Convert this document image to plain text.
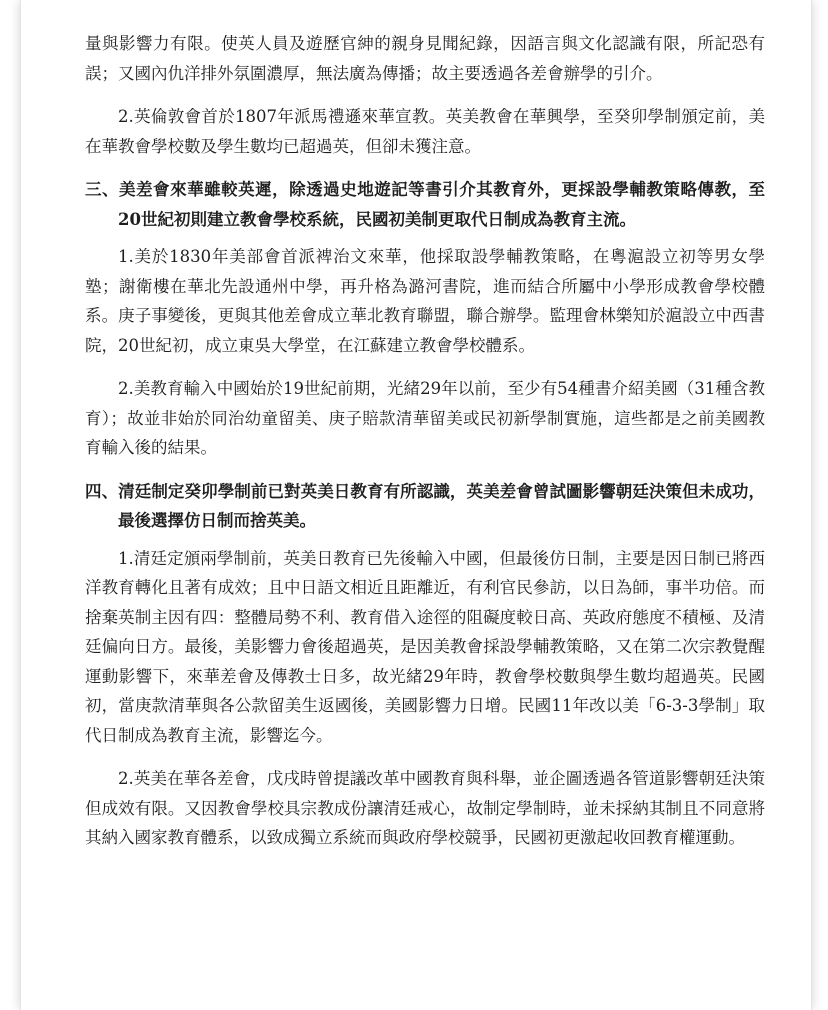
量與影響力有限。使英人員及遊歷官紳的親身見聞紀錄，因語言與文化認識有限，所記恐有誤；又國內仇洋排外氛圍濃厚，無法廣為傳播；故主要透過各差會辦學的引介。

2.英倫敦會首於1807年派馬禮遜來華宣教。英美教會在華興學，至癸卯學制頒定前，美在華教會學校數及學生數均已超過英，但卻未獲注意。

三、美差會來華雖較英遲，除透過史地遊記等書引介其教育外，更採設學輔教策略傳教，至20世紀初則建立教會學校系統，民國初美制更取代日制成為教育主流。

1.美於1830年美部會首派裨治文來華，他採取設學輔教策略，在粵滬設立初等男女學塾；謝衛樓在華北先設通州中學，再升格為潞河書院，進而結合所屬中小學形成教會學校體系。庚子事變後，更與其他差會成立華北教育聯盟，聯合辦學。監理會林樂知於滬設立中西書院，20世紀初，成立東吳大學堂，在江蘇建立教會學校體系。

2.美教育輸入中國始於19世紀前期，光緒29年以前，至少有54種書介紹美國（31種含教育）；故並非始於同治幼童留美、庚子賠款清華留美或民初新學制實施，這些都是之前美國教育輸入後的結果。

四、清廷制定癸卯學制前已對英美日教育有所認識，英美差會曾試圖影響朝廷決策但未成功，最後選擇仿日制而捨英美。

1.清廷定頒兩學制前，英美日教育已先後輸入中國，但最後仿日制，主要是因日制已將西洋教育轉化且著有成效；且中日語文相近且距離近，有利官民參訪，以日為師，事半功倍。而捨棄英制主因有四：整體局勢不利、教育借入途徑的阻礙度較日高、英政府態度不積極、及清廷偏向日方。最後，美影響力會後超過英，是因美教會採設學輔教策略，又在第二次宗教覺醒運動影響下，來華差會及傳教士日多，故光緒29年時，教會學校數與學生數均超過英。民國初，當庚款清華與各公款留美生返國後，美國影響力日增。民國11年改以美「6-3-3學制」取代日制成為教育主流，影響迄今。

2.英美在華各差會，戊戌時曾提議改革中國教育與科舉，並企圖透過各管道影響朝廷決策但成效有限。又因教會學校具宗教成份讓清廷戒心，故制定學制時，並未採納其制且不同意將其納入國家教育體系，以致成獨立系統而與政府學校競爭，民國初更激起收回教育權運動。
